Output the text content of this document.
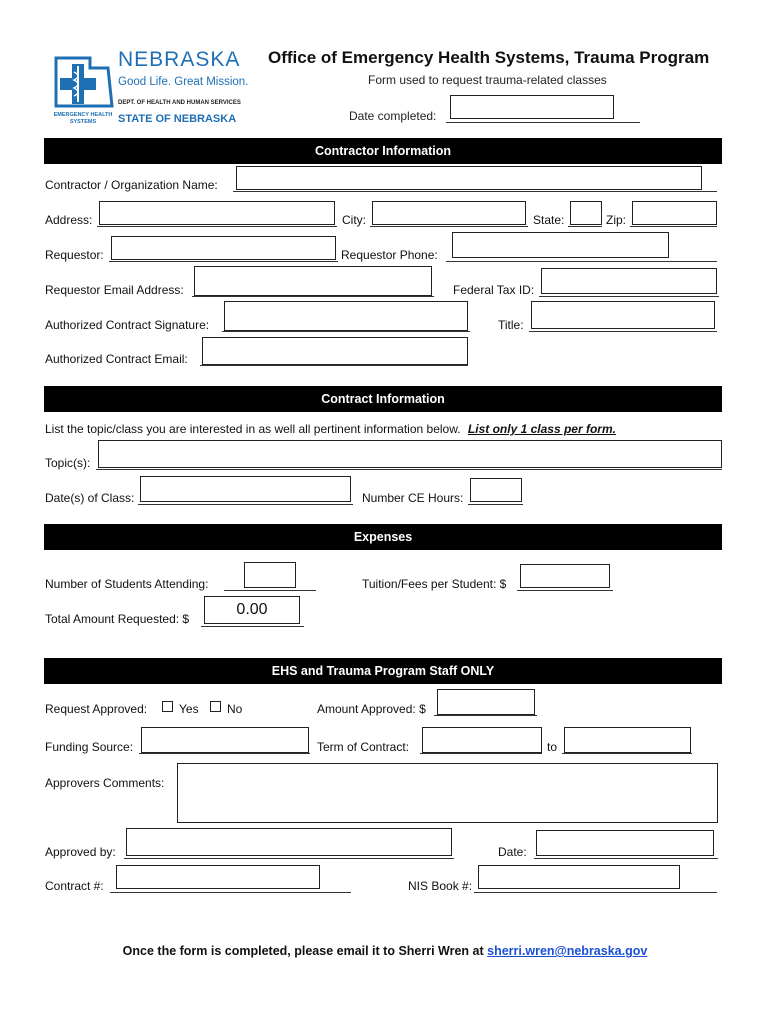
NEBRASKA
Good Life. Great Mission.
DEPT. OF HEALTH AND HUMAN SERVICES
EMERGENCY HEALTH SYSTEMS	STATE OF NEBRASKA
Office of Emergency Health Systems, Trauma Program
Form used to request trauma-related classes
Date completed:
Contractor Information
Contractor / Organization Name:
Address:	City:	State:	Zip:
Requestor:	Requestor Phone:
Requestor Email Address:	Federal Tax ID:
Authorized Contract Signature:	Title:
Authorized Contract Email:
Contract Information
List the topic/class you are interested in as well all pertinent information below. List only 1 class per form.
Topic(s):
Date(s) of Class:	Number CE Hours:
Expenses
Number of Students Attending:	Tuition/Fees per Student: $
Total Amount Requested: $
0.00
EHS and Trauma Program Staff ONLY
Request Approved:	Yes No	Amount Approved: $
Funding Source:	Term of Contract:	to
Approvers Comments:
Approved by:	Date:
Contract #:	NIS Book #:
Once the form is completed, please email it to Sherri Wren at sherri.wren@nebraska.gov
